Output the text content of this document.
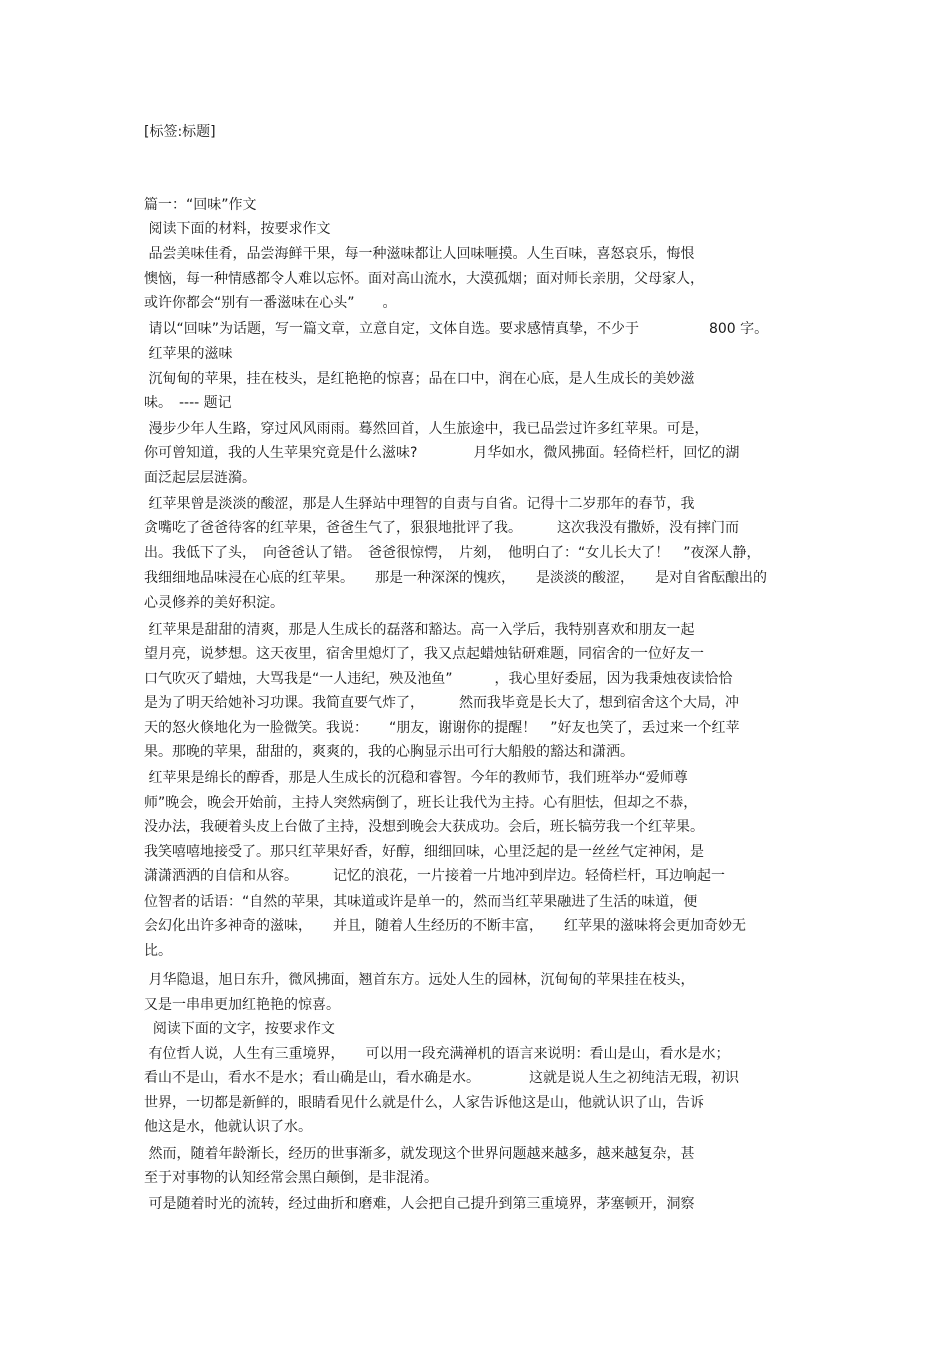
[标签:标题]
篇一：“回味”作文
阅读下面的材料，按要求作文
品尝美味佳肴，品尝海鲜干果，每一种滋味都让人回味咂摸。人生百味，喜怒哀乐，悔恨
懊恼，每一种情感都令人难以忘怀。面对高山流水，大漠孤烟；面对师长亲朋，父母家人，
或许你都会“别有一番滋味在心头”　　。
请以“回味”为话题，写一篇文章，立意自定，文体自选。要求感情真挚，不少于　　　　　800 字。
红苹果的滋味
沉甸甸的苹果，挂在枝头，是红艳艳的惊喜；品在口中，润在心底，是人生成长的美妙滋
味。　---- 题记
漫步少年人生路，穿过风风雨雨。蓦然回首，人生旅途中，我已品尝过许多红苹果。可是，
你可曾知道，我的人生苹果究竟是什么滋味?　　　　月华如水，微风拂面。轻倚栏杆，回忆的湖
面泛起层层涟漪。
红苹果曾是淡淡的酸涩，那是人生驿站中理智的自责与自省。记得十二岁那年的春节，我
贪嘴吃了爸爸待客的红苹果，爸爸生气了，狠狠地批评了我。　　　这次我没有撒娇，没有摔门而
出。我低下了头，　向爸爸认了错。　爸爸很惊愕，　片刻，　他明白了：“女儿长大了！　”夜深人静，
我细细地品味浸在心底的红苹果。　　那是一种深深的愧疚，　　是淡淡的酸涩，　　是对自省酝酿出的
心灵修养的美好积淀。
红苹果是甜甜的清爽，那是人生成长的磊落和豁达。高一入学后，我特别喜欢和朋友一起
望月亮，说梦想。这天夜里，宿舍里熄灯了，我又点起蜡烛钻研难题，同宿舍的一位好友一
口气吹灭了蜡烛，大骂我是“一人违纪，殃及池鱼”　　　，我心里好委屈，因为我秉烛夜读恰恰
是为了明天给她补习功课。我简直要气炸了，　　　然而我毕竟是长大了，想到宿舍这个大局，冲
天的怒火倏地化为一脸微笑。我说：　　“朋友，谢谢你的提醒！　”好友也笑了，丢过来一个红苹
果。那晚的苹果，甜甜的，爽爽的，我的心胸显示出可行大船般的豁达和潇洒。
红苹果是绵长的醇香，那是人生成长的沉稳和睿智。今年的教师节，我们班举办“爱师尊
师”晚会，晚会开始前，主持人突然病倒了，班长让我代为主持。心有胆怯，但却之不恭，
没办法，我硬着头皮上台做了主持，没想到晚会大获成功。会后，班长犒劳我一个红苹果。
我笑嘻嘻地接受了。那只红苹果好香，好醇，细细回味，心里泛起的是一丝丝气定神闲，是
潇潇洒洒的自信和从容。　　　记忆的浪花，一片接着一片地冲到岸边。轻倚栏杆，耳边响起一
位智者的话语：“自然的苹果，其味道或许是单一的，然而当红苹果融进了生活的味道，便
会幻化出许多神奇的滋味，　　并且，随着人生经历的不断丰富，　　红苹果的滋味将会更加奇妙无
比。
月华隐退，旭日东升，微风拂面，翘首东方。远处人生的园林，沉甸甸的苹果挂在枝头，
又是一串串更加红艳艳的惊喜。
阅读下面的文字，按要求作文
有位哲人说，人生有三重境界，　　可以用一段充满禅机的语言来说明：看山是山，看水是水；
看山不是山，看水不是水；看山确是山，看水确是水。　　　　这就是说人生之初纯洁无瑕，初识
世界，一切都是新鲜的，眼睛看见什么就是什么，人家告诉他这是山，他就认识了山，告诉
他这是水，他就认识了水。
然而，随着年龄渐长，经历的世事渐多，就发现这个世界问题越来越多，越来越复杂，甚
至于对事物的认知经常会黑白颠倒，是非混淆。
可是随着时光的流转，经过曲折和磨难，人会把自己提升到第三重境界，茅塞顿开，洞察
